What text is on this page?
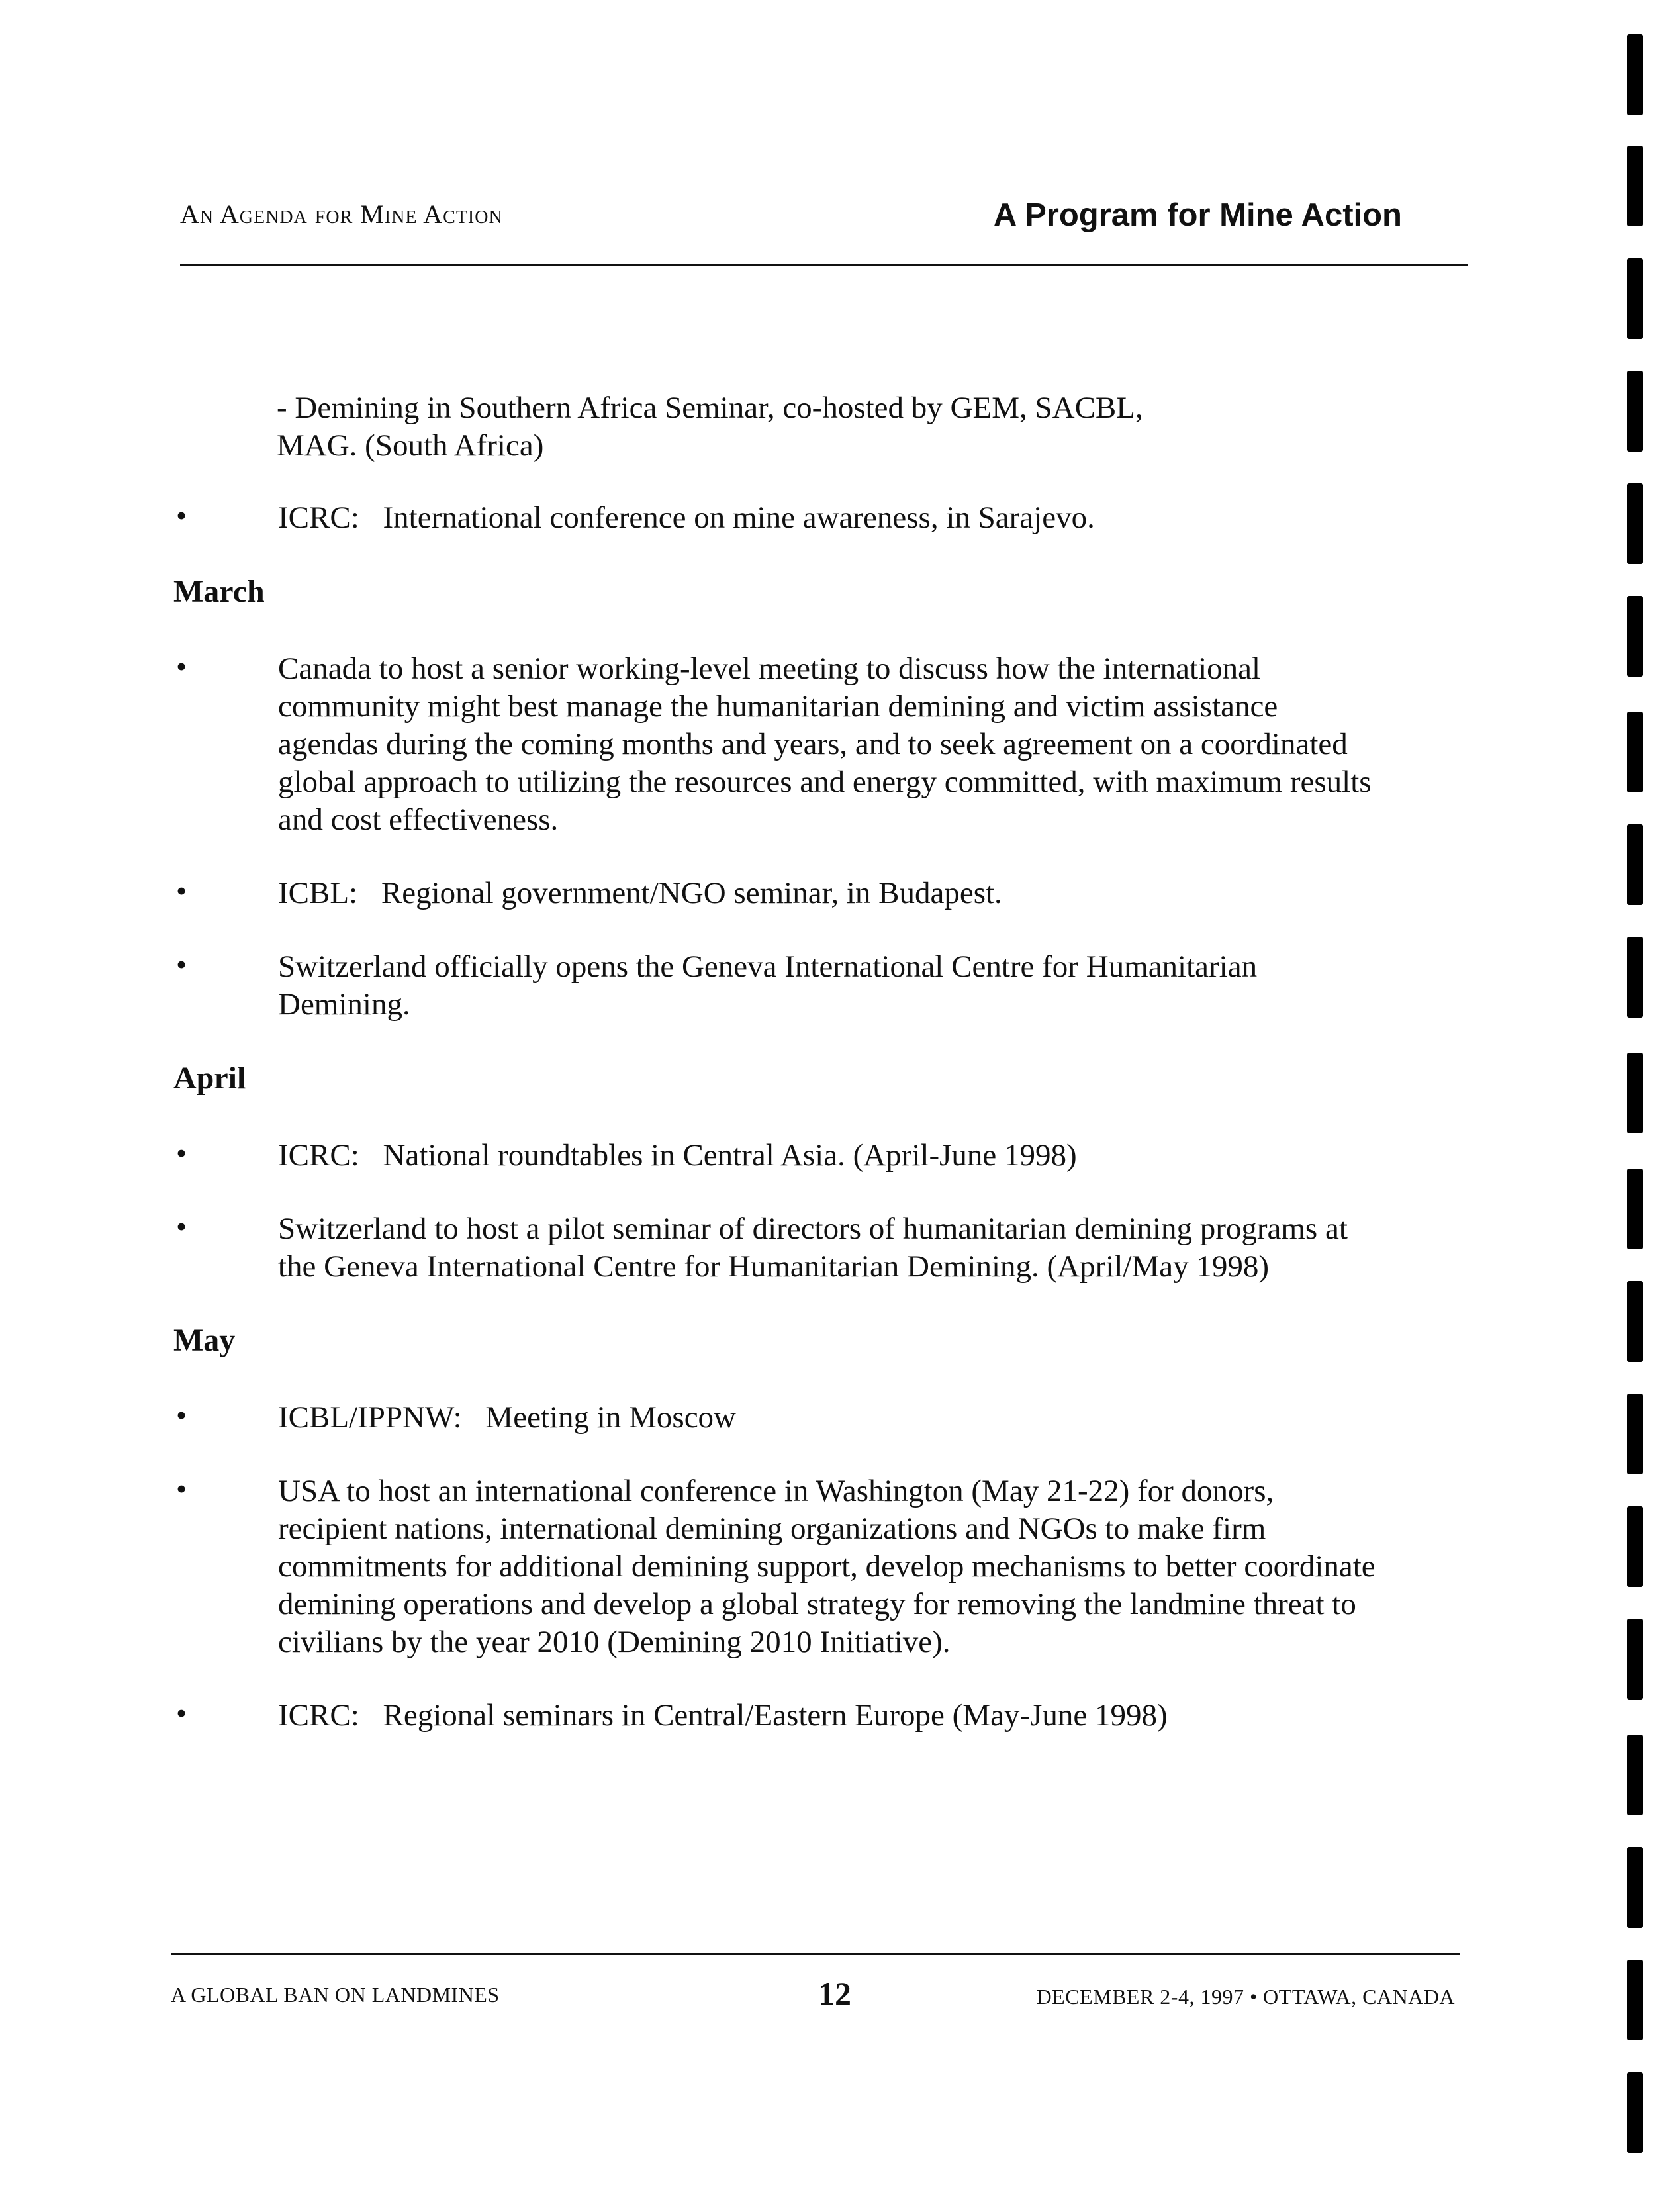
An Agenda for Mine Action	A Program for Mine Action
- Demining in Southern Africa Seminar, co-hosted by GEM, SACBL,
MAG. (South Africa)
•	ICRC: International conference on mine awareness, in Sarajevo.
March
•	Canada to host a senior working-level meeting to discuss how the international community might best manage the humanitarian demining and victim assistance agendas during the coming months and years, and to seek agreement on a coordinated global approach to utilizing the resources and energy committed, with maximum results and cost effectiveness.
•	ICBL: Regional government/NGO seminar, in Budapest.
•	Switzerland officially opens the Geneva International Centre for Humanitarian Demining.
April
•	ICRC: National roundtables in Central Asia. (April-June 1998)
•	Switzerland to host a pilot seminar of directors of humanitarian demining programs at the Geneva International Centre for Humanitarian Demining. (April/May 1998)
May
•	ICBL/IPPNW: Meeting in Moscow
•	USA to host an international conference in Washington (May 21-22) for donors, recipient nations, international demining organizations and NGOs to make firm commitments for additional demining support, develop mechanisms to better coordinate demining operations and develop a global strategy for removing the landmine threat to civilians by the year 2010 (Demining 2010 Initiative).
•	ICRC: Regional seminars in Central/Eastern Europe (May-June 1998)
A GLOBAL BAN ON LANDMINES	12	DECEMBER 2-4, 1997 • OTTAWA, CANADA
